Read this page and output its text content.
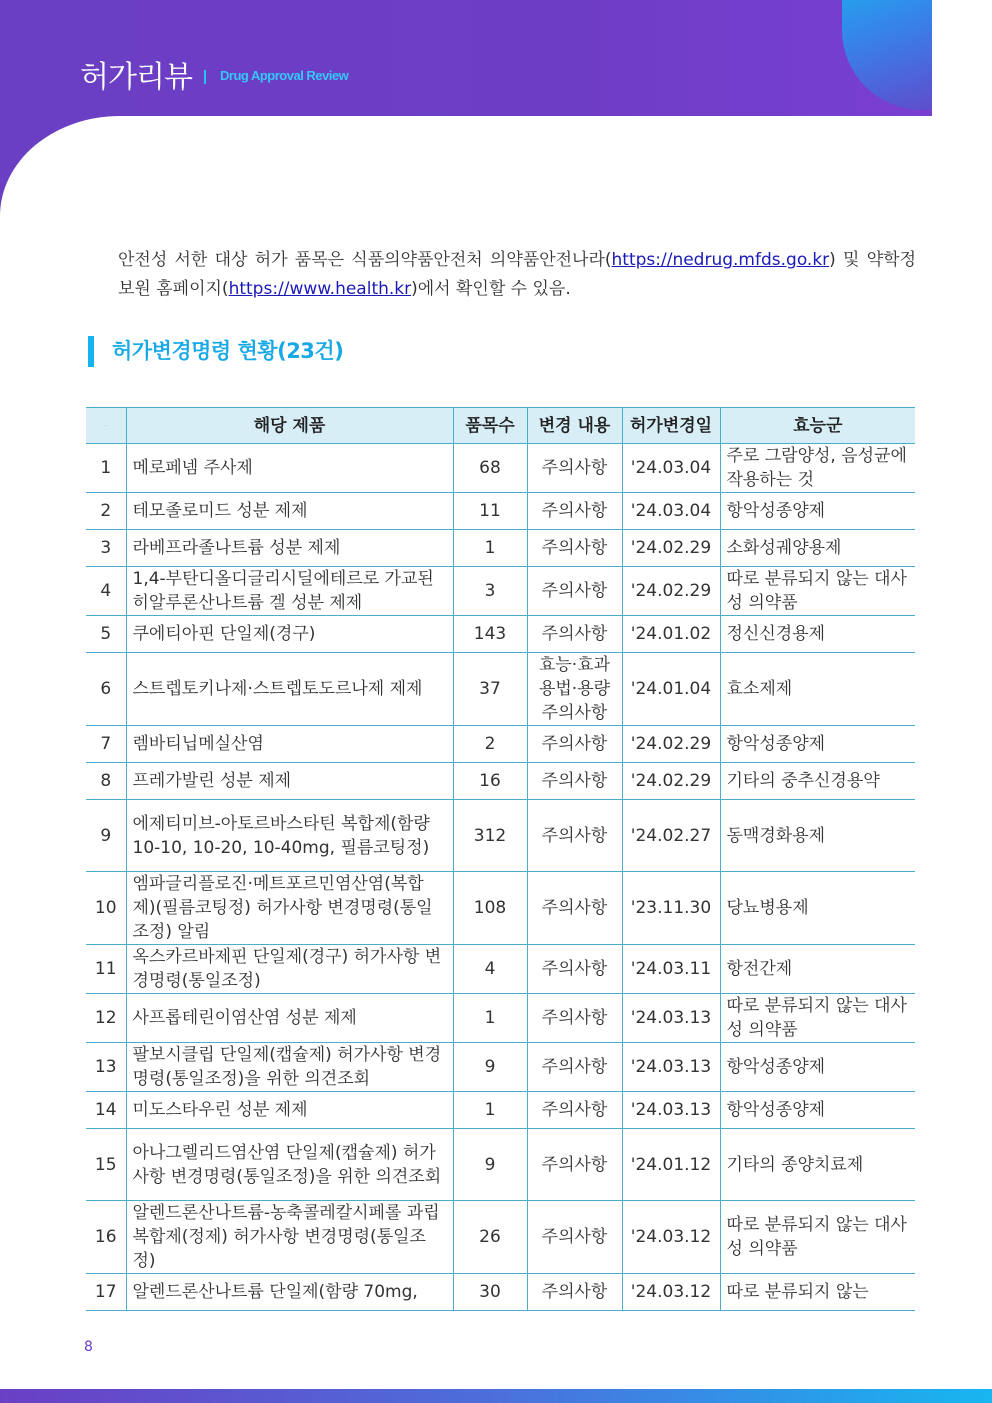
허가리뷰 Drug Approval Review
안전성 서한 대상 허가 품목은 식품의약품안전처 의약품안전나라(https://nedrug.mfds.go.kr) 및 약학정보원 홈페이지(https://www.health.kr)에서 확인할 수 있음.
허가변경명령 현황(23건)
-	해당 제품	품목수	변경 내용	허가변경일	효능군
1	메로페넴 주사제	68	주의사항	'24.03.04	주로 그람양성, 음성균에 작용하는 것
2	테모졸로미드 성분 제제	11	주의사항	'24.03.04	항악성종양제
3	라베프라졸나트륨 성분 제제	1	주의사항	'24.02.29	소화성궤양용제
4	1,4-부탄디올디글리시딜에테르로 가교된 히알루론산나트륨 겔 성분 제제	3	주의사항	'24.02.29	따로 분류되지 않는 대사성 의약품
5	쿠에티아핀 단일제(경구)	143	주의사항	'24.01.02	정신신경용제
6	스트렙토키나제·스트렙토도르나제 제제	37	효능·효과 용법·용량 주의사항	'24.01.04	효소제제
7	렘바티닙메실산염	2	주의사항	'24.02.29	항악성종양제
8	프레가발린 성분 제제	16	주의사항	'24.02.29	기타의 중추신경용약
9	에제티미브-아토르바스타틴 복합제(함량 10-10, 10-20, 10-40mg, 필름코팅정)	312	주의사항	'24.02.27	동맥경화용제
10	엠파글리플로진·메트포르민염산염(복합제)(필름코팅정) 허가사항 변경명령(통일조정) 알림	108	주의사항	'23.11.30	당뇨병용제
11	옥스카르바제핀 단일제(경구) 허가사항 변경명령(통일조정)	4	주의사항	'24.03.11	항전간제
12	사프롭테린이염산염 성분 제제	1	주의사항	'24.03.13	따로 분류되지 않는 대사성 의약품
13	팔보시클립 단일제(캡슐제) 허가사항 변경명령(통일조정)을 위한 의견조회	9	주의사항	'24.03.13	항악성종양제
14	미도스타우린 성분 제제	1	주의사항	'24.03.13	항악성종양제
15	아나그렐리드염산염 단일제(캡슐제) 허가사항 변경명령(통일조정)을 위한 의견조회	9	주의사항	'24.01.12	기타의 종양치료제
16	알렌드론산나트륨-농축콜레칼시페롤 과립 복합제(정제) 허가사항 변경명령(통일조정)	26	주의사항	'24.03.12	따로 분류되지 않는 대사성 의약품
17	알렌드론산나트륨 단일제(함량 70mg,	30	주의사항	'24.03.12	따로 분류되지 않는
8
